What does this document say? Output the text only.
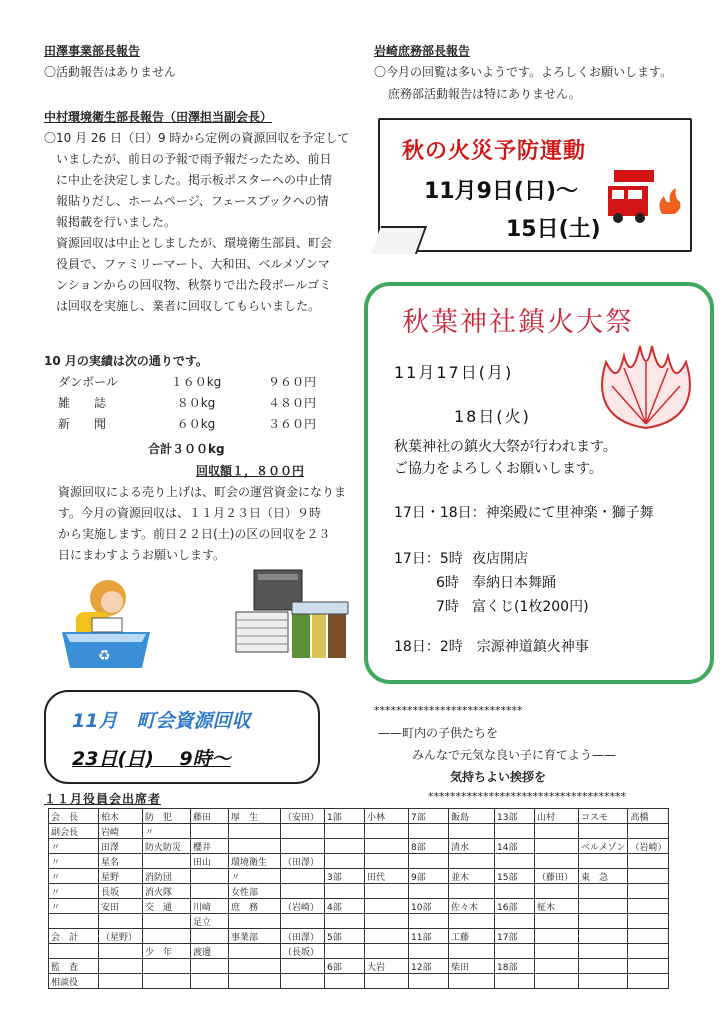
田澤事業部長報告
〇活動報告はありません
中村環境衛生部長報告（田澤担当副会長）
〇10 月 26 日（日）9 時から定例の資源回収を予定して
いましたが、前日の予報で雨予報だったため、前日
に中止を決定しました。掲示板ポスターへの中止情
報貼りだし、ホームページ、フェースブックへの情
報掲載を行いました。
資源回収は中止としましたが、環境衛生部員、町会
役員で、ファミリーマート、大和田、ベルメゾンマ
ンションからの回収物、秋祭りで出た段ボールゴミ
は回収を実施し、業者に回収してもらいました。
10 月の実績は次の通りです。
ダンボール	１６０kg	９６０円
雑　　誌	８０kg	４８０円
新　　聞	６０kg	３６０円
合計３００kg
回収額１，８００円
資源回収による売り上げは、町会の運営資金になりま
す。今月の資源回収は、１１月２３日（日）９時
から実施します。前日２２日(土)の区の回収を２３
日にまわすようお願いします。
♻
岩崎庶務部長報告
〇今月の回覧は多いようです。よろしくお願いします。
庶務部活動報告は特にありません。
秋の火災予防運動
11月9日(日)～
15日(土)
秋葉神社鎮火大祭
11月17日(月)
18日(火)
秋葉神社の鎮火大祭が行われます。
ご協力をよろしくお願いします。
17日・18日：神楽殿にて里神楽・獅子舞
17日：5時 夜店開店
6時 奉納日本舞踊
7時 富くじ(1枚200円)
18日：2時　宗源神道鎮火神事
11月　町会資源回収
23日(日)　 9時～
***************************
——町内の子供たちを
みんなで元気な良い子に育てよう——
気持ちよい挨拶を
************************************
１１月役員会出席者
会　長	柏木	防　犯	藤田	厚　生	（安田）	1部	小林	7部	飯島	13部	山村	コスモ	高橋
副会長	岩崎	〃											
〃	田澤	防火防災	櫻井					8部	清水	14部		ベルメゾン	（岩崎）
〃	星名		田山	環境衛生	（田澤）								
〃	星野	消防団		〃		3部	田代	9部	並木	15部	（藤田）	東　急	
〃	長坂	消火隊		女性部									
〃	安田	交　通	川﨑	庶　務	（岩崎）	4部		10部	佐々木	16部	柾木		
			足立										
会　計	（星野）			事業部	（田澤）	5部		11部	工藤	17部			
		少　年	渡邊		（長坂）								
監　査						6部	大岩	12部	柴田	18部			
相談役													
